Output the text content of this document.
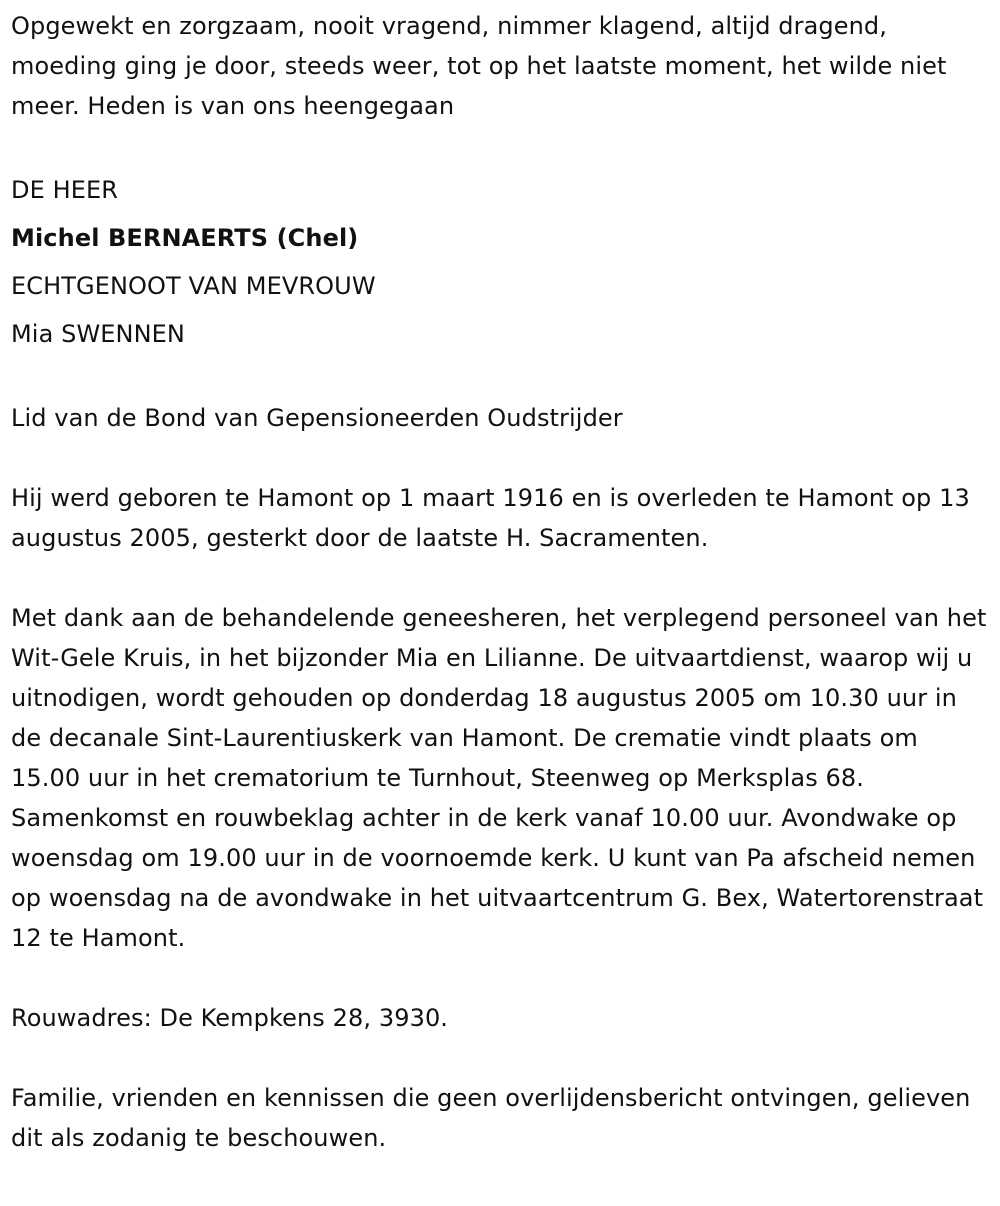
Opgewekt en zorgzaam, nooit vragend, nimmer klagend, altijd dragend, moeding ging je door, steeds weer, tot op het laatste moment, het wilde niet meer. Heden is van ons heengegaan

DE HEER
Michel BERNAERTS (Chel)
ECHTGENOOT VAN MEVROUW
Mia SWENNEN

Lid van de Bond van Gepensioneerden Oudstrijder

Hij werd geboren te Hamont op 1 maart 1916 en is overleden te Hamont op 13 augustus 2005, gesterkt door de laatste H. Sacramenten.

Met dank aan de behandelende geneesheren, het verplegend personeel van het Wit-Gele Kruis, in het bijzonder Mia en Lilianne. De uitvaartdienst, waarop wij u uitnodigen, wordt gehouden op donderdag 18 augustus 2005 om 10.30 uur in de decanale Sint-Laurentiuskerk van Hamont. De crematie vindt plaats om 15.00 uur in het crematorium te Turnhout, Steenweg op Merksplas 68. Samenkomst en rouwbeklag achter in de kerk vanaf 10.00 uur. Avondwake op woensdag om 19.00 uur in de voornoemde kerk. U kunt van Pa afscheid nemen op woensdag na de avondwake in het uitvaartcentrum G. Bex, Watertorenstraat 12 te Hamont.

Rouwadres: De Kempkens 28, 3930.

Familie, vrienden en kennissen die geen overlijdensbericht ontvingen, gelieven dit als zodanig te beschouwen.
